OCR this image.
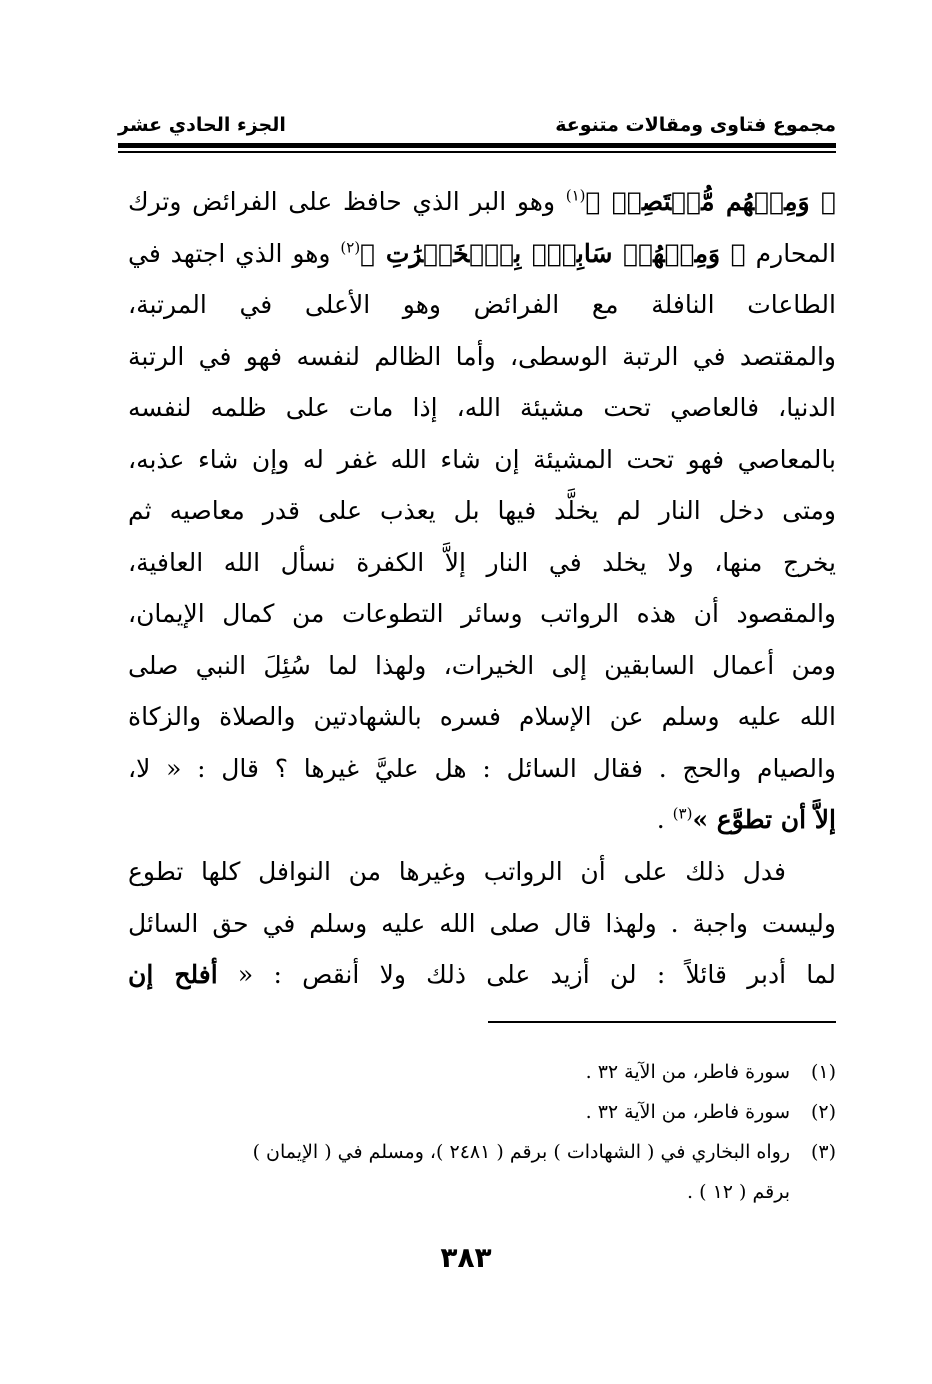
مجموع فتاوى ومقالات متنوعة
الجزء الحادي عشر
﴿ وَمِنۡهُم مُّقۡتَصِدٞ ﴾$^{(١)}$ وهو البر الذي حافظ على الفرائض وترك
المحارم ﴿ وَمِنۡهُمۡ سَابِقُۢ بِٱلۡخَيۡرَٰتِ ﴾$^{(٢)}$ وهو الذي اجتهد في
الطاعات النافلة مع الفرائض وهو الأعلى في المرتبة،
والمقتصد في الرتبة الوسطى، وأما الظالم لنفسه فهو في الرتبة
الدنيا، فالعاصي تحت مشيئة الله، إذا مات على ظلمه لنفسه
بالمعاصي فهو تحت المشيئة إن شاء الله غفر له وإن شاء عذبه،
ومتى دخل النار لم يخلَّد فيها بل يعذب على قدر معاصيه ثم
يخرج منها، ولا يخلد في النار إلاَّ الكفرة نسأل الله العافية،
والمقصود أن هذه الرواتب وسائر التطوعات من كمال الإيمان،
ومن أعمال السابقين إلى الخيرات، ولهذا لما سُئِلَ النبي صلى
الله عليه وسلم عن الإسلام فسره بالشهادتين والصلاة والزكاة
والصيام والحج . فقال السائل : هل عليَّ غيرها ؟ قال : « لا،
إلاَّ أن تطوَّع »$^{(٣)}$ .
فدل ذلك على أن الرواتب وغيرها من النوافل كلها تطوع
وليست واجبة . ولهذا قال صلى الله عليه وسلم في حق السائل
لما أدبر قائلاً : لن أزيد على ذلك ولا أنقص : « أفلح إن
(١)
سورة فاطر، من الآية ٣٢ .
(٢)
سورة فاطر، من الآية ٣٢ .
(٣)
رواه البخاري في ( الشهادات ) برقم ( ٢٤٨١ )، ومسلم في ( الإيمان )
برقم ( ١٢ ) .
٣٨٣
